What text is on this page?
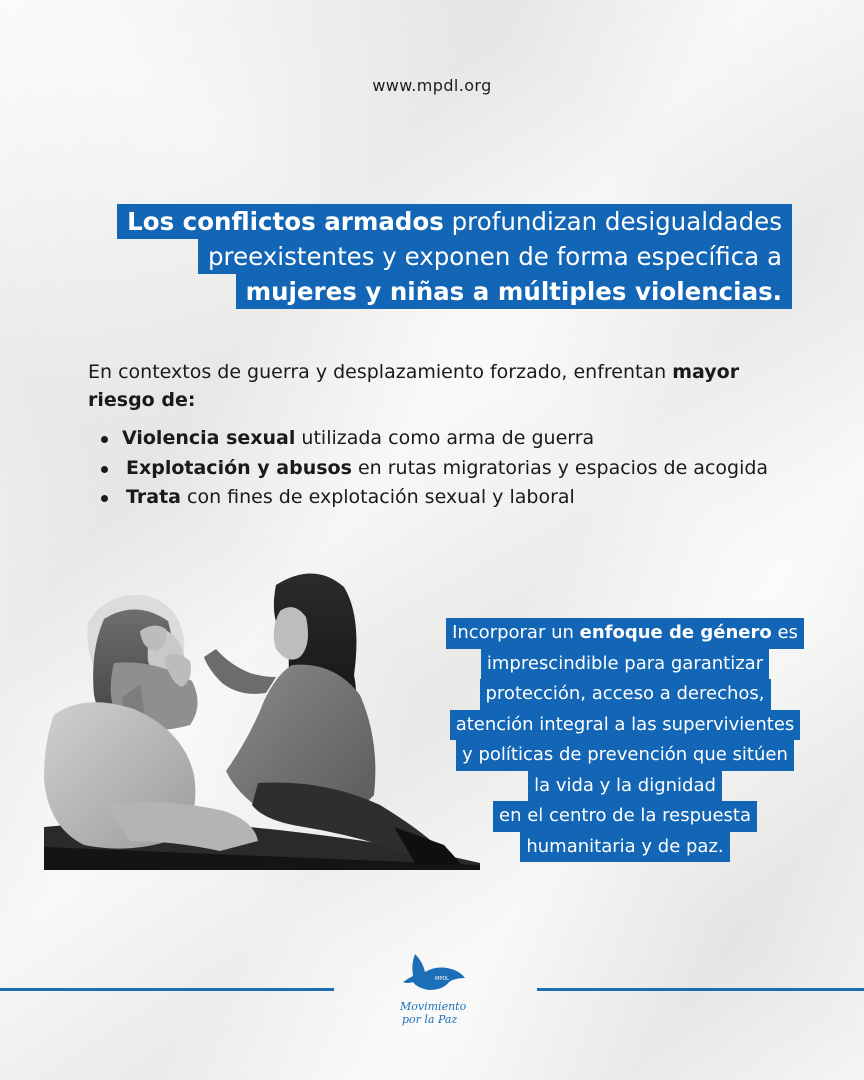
www.mpdl.org
Los conflictos armados profundizan desigualdades
preexistentes y exponen de forma específica a
mujeres y niñas a múltiples violencias.
En contextos de guerra y desplazamiento forzado, enfrentan mayor riesgo de:
Violencia sexual utilizada como arma de guerra
Explotación y abusos en rutas migratorias y espacios de acogida
Trata con fines de explotación sexual y laboral
Incorporar un enfoque de género es
imprescindible para garantizar
protección, acceso a derechos,
atención integral a las supervivientes
y políticas de prevención que sitúen
la vida y la dignidad
en el centro de la respuesta
humanitaria y de paz.
MPDL
Movimiento
por la Paz
